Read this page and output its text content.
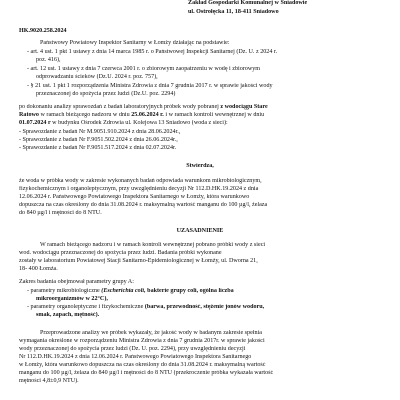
Zakład Gospodarki Komunalnej w Śniadowie
ul. Ostrołęcka 11, 18-411 Śniadowo
HK.9020.258.2024
Państwowy Powiatowy Inspektor Sanitarny w Łomży działając na podstawie:
- art. 4 ust. 1 pkt 1 ustawy z dnia 14 marca 1985 r. o Państwowej Inspekcji Sanitarnej (Dz. U. z 2024 r.
poz. 416),
- art. 12 ust. 1 ustawy z dnia 7 czerwca 2001 r. o zbiorowym zaopatrzeniu w wodę i zbiorowym
odprowadzaniu ścieków (Dz.U. 2024 r. poz. 757),
- § 21 ust. 1 pkt 1 rozporządzenia Ministra Zdrowia z dnia 7 grudnia 2017 r. w sprawie jakości wody
przeznaczonej do spożycia przez ludzi (Dz.U. poz. 2294)
po dokonaniu analizy sprawozdań z badań laboratoryjnych próbek wody pobranej z wodociągu Stare
Ratowo w ramach bieżącego nadzoru w dniu 25.06.2024 r. i w ramach kontroli wewnętrznej w dniu
01.07.2024 r w budynku Ośrodek Zdrowia ul. Kolejowa 13 Śniadowo (woda z sieci):
- Sprawozdanie z badań Nr M.9051.910.2024 z dnia 28.06.2024r.,
- Sprawozdanie z badań Nr F.9051.502.2024 z dnia 26.06.2024r.,
- Sprawozdanie z badań Nr F.9051.517.2024 z dnia 02.07.2024r.
Stwierdza,
że woda w próbka wody w zakresie wykonanych badań odpowiada warunkom mikrobiologicznym,
fizykochemicznym i organoleptycznym, przy uwzględnieniu decyzji Nr 112.D.HK.19.2024 z dnia
12.06.2024 r. Państwowego Powiatowego Inspektora Sanitarnego w Łomży, która warunkowo
dopuszcza na czas określony do dnia 31.08.2024 r. maksymalną wartość manganu do 100 µg/l, żelaza
do 840 µg/l i mętności do 8 NTU.
UZASADNIENIE
W ramach bieżącego nadzoru i w ramach kontroli wewnętrznej pobrano próbki wody z sieci
wod. wodociągu przeznaczonej do spożycia przez ludzi. Badania próbki wykonane
zostały w laboratorium Powiatowej Stacji Sanitarno-Epidemiologicznej w Łomży, ul. Dworna 21,
18- 400 Łomża.
Zakres badania obejmował parametry grupy A:
- parametry mikrobiologiczne (Escherichia coli, bakterie grupy coli, ogólna liczba
mikroorganizmów w 22°C),
- parametry organoleptyczne i fizykochemiczne (barwa, przewodność, stężenie jonów wodoru,
smak, zapach, mętność).
Przeprowadzone analizy we próbek wykazały, że jakość wody w badanym zakresie spełnia
wymagania określone w rozporządzeniu Ministra Zdrowia z dnia 7 grudnia 2017r. w sprawie jakości
wody przeznaczonej do spożycia przez ludzi (Dz. U. poz. 2294), przy uwzględnieniu decyzji
Nr 112.D.HK.19.2024 z dnia 12.06.2024 r. Państwowego Powiatowego Inspektora Sanitarnego
w Łomży, która warunkowo dopuszcza na czas określony do dnia 31.08.2024 r. maksymalną wartość
manganu do 100 µg/l, żelaza do 840 µg/l i mętności do 8 NTU (przekroczenie próbka wykazała wartość
mętności 4,8±0,9 NTU).
